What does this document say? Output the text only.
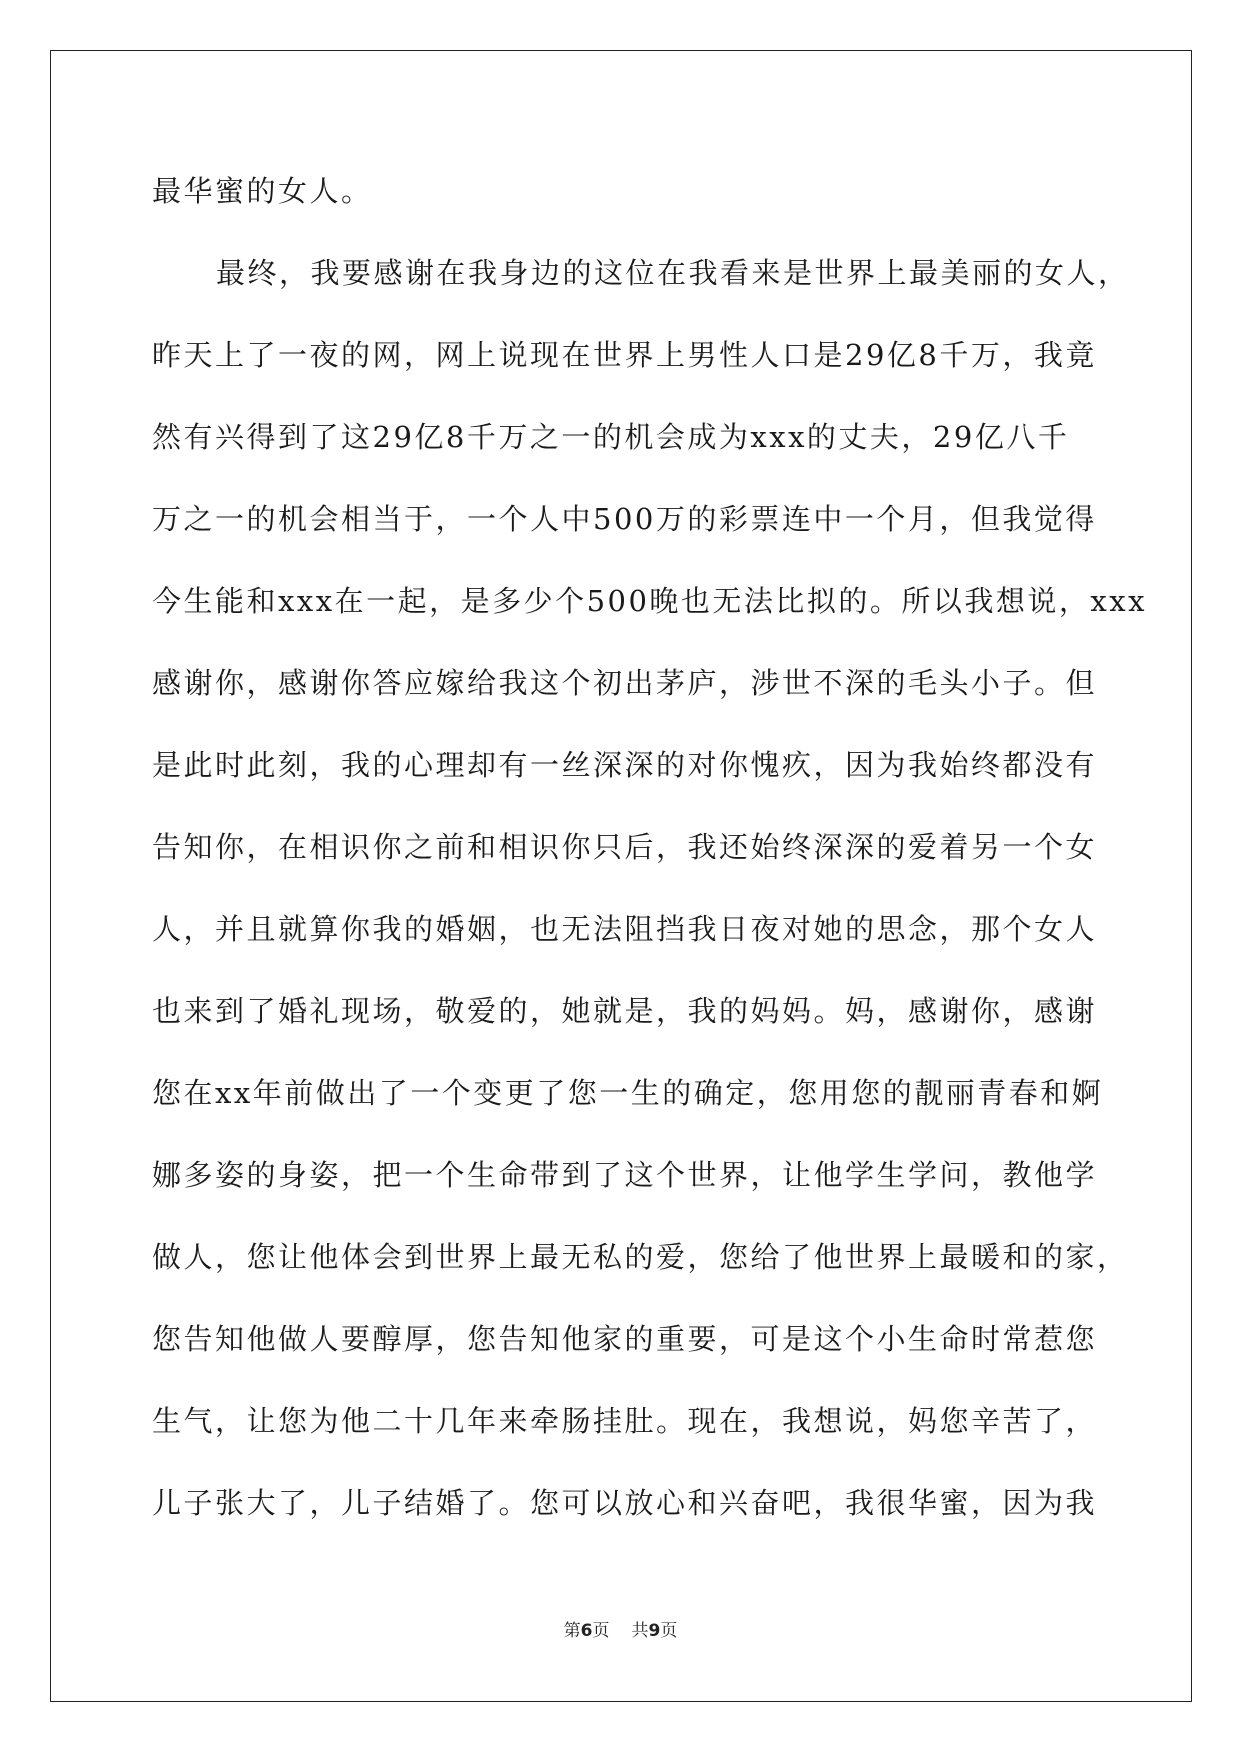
最华蜜的女人。
最终，我要感谢在我身边的这位在我看来是世界上最美丽的女人，
昨天上了一夜的网，网上说现在世界上男性人口是29亿8千万，我竟
然有兴得到了这29亿8千万之一的机会成为xxx的丈夫，29亿八千
万之一的机会相当于，一个人中500万的彩票连中一个月，但我觉得
今生能和xxx在一起，是多少个500晚也无法比拟的。所以我想说，xxx
感谢你，感谢你答应嫁给我这个初出茅庐，涉世不深的毛头小子。但
是此时此刻，我的心理却有一丝深深的对你愧疚，因为我始终都没有
告知你，在相识你之前和相识你只后，我还始终深深的爱着另一个女
人，并且就算你我的婚姻，也无法阻挡我日夜对她的思念，那个女人
也来到了婚礼现场，敬爱的，她就是，我的妈妈。妈，感谢你，感谢
您在xx年前做出了一个变更了您一生的确定，您用您的靓丽青春和婀
娜多姿的身姿，把一个生命带到了这个世界，让他学生学问，教他学
做人，您让他体会到世界上最无私的爱，您给了他世界上最暖和的家，
您告知他做人要醇厚，您告知他家的重要，可是这个小生命时常惹您
生气，让您为他二十几年来牵肠挂肚。现在，我想说，妈您辛苦了，
儿子张大了，儿子结婚了。您可以放心和兴奋吧，我很华蜜，因为我
第6页 共9页
